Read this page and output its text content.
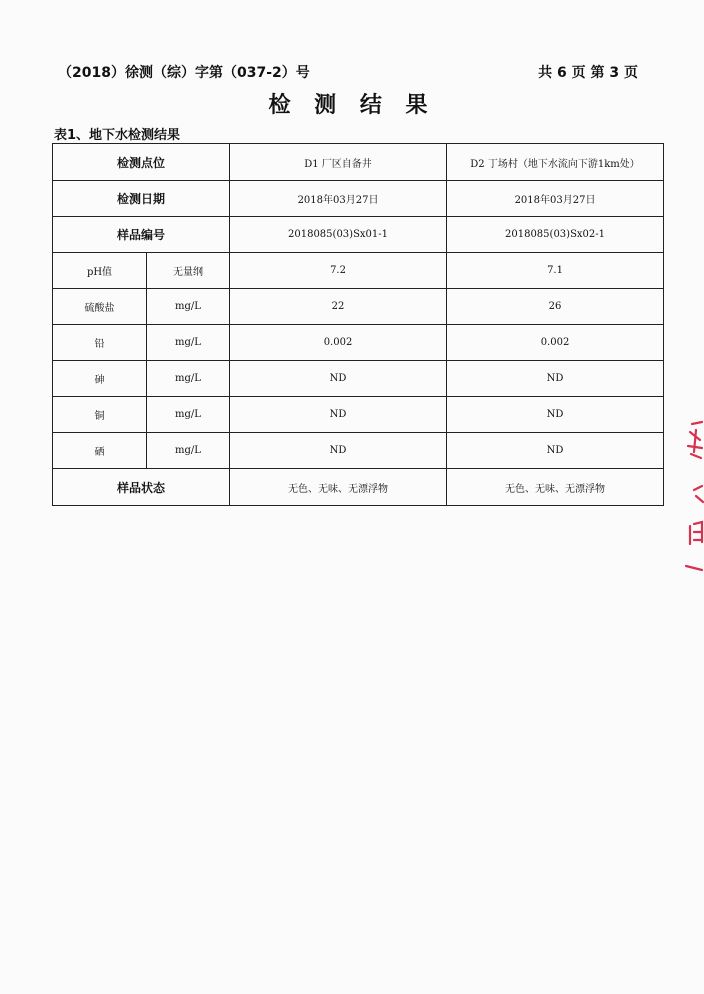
（2018）徐测（综）字第（037-2）号	共 6 页 第 3 页
检 测 结 果
表1、地下水检测结果
检测点位		D1 厂区自备井	D2 丁场村（地下水流向下游1km处）
检测日期		2018年03月27日	2018年03月27日
样品编号		2018085(03)Sx01-1	2018085(03)Sx02-1
pH值	无量纲	7.2	7.1
硫酸盐	mg/L	22	26
铅	mg/L	0.002	0.002
砷	mg/L	ND	ND
铜	mg/L	ND	ND
硒	mg/L	ND	ND
样品状态		无色、无味、无漂浮物	无色、无味、无漂浮物
